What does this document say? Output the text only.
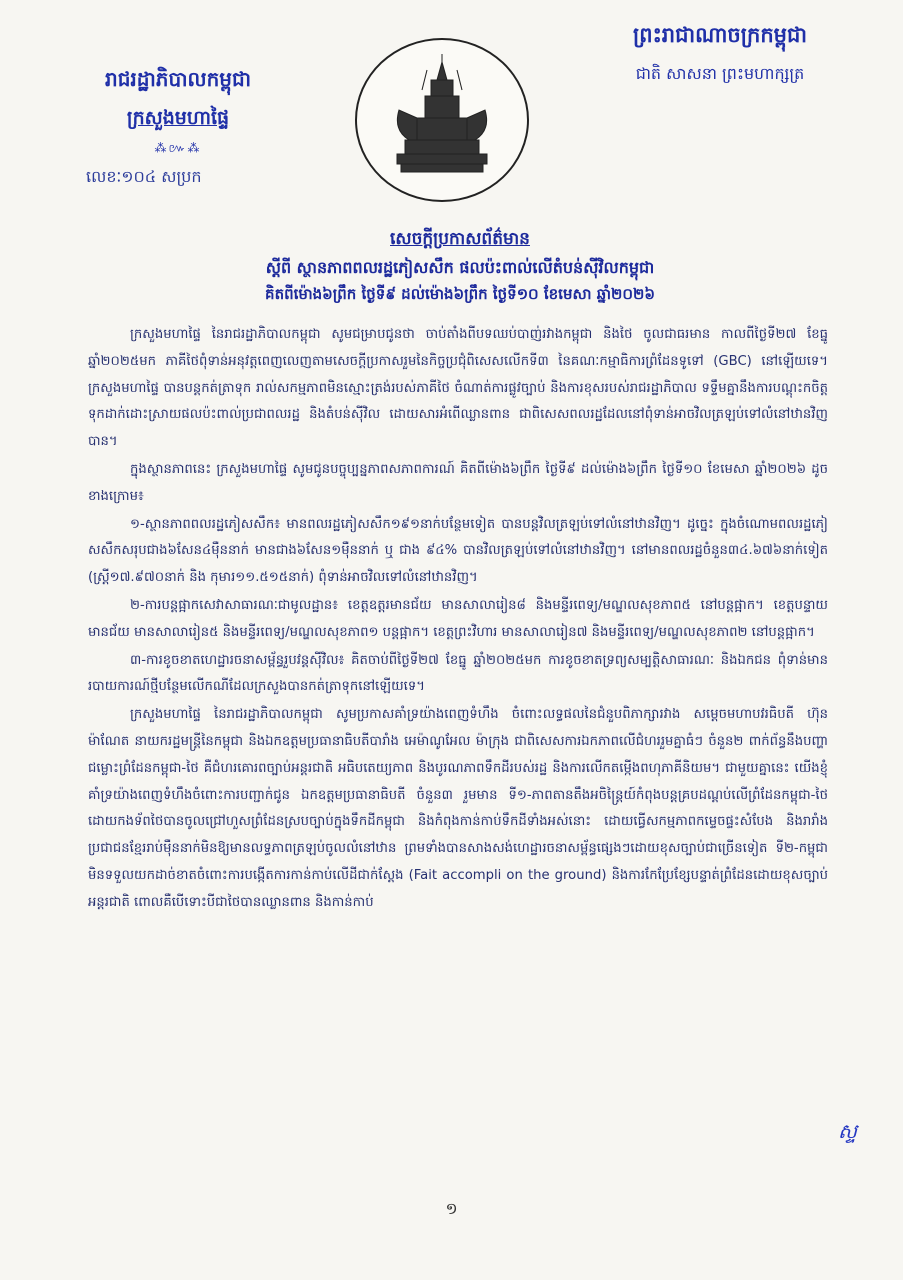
រាជរដ្ឋាភិបាលកម្ពុជា
ក្រសួងមហាផ្ទៃ
⁂៚⁂
លេខៈ១០៤ សប្រក
ព្រះរាជាណាចក្រកម្ពុជា
ជាតិ សាសនា ព្រះមហាក្សត្រ
សេចក្តីប្រកាសព័ត៌មាន
ស្តីពី ស្ថានភាពពលរដ្ឋភៀសសឹក ផលប៉ះពាល់លើតំបន់ស៊ីវិលកម្ពុជា
គិតពីម៉ោង៦ព្រឹក ថ្ងៃទី៩ ដល់ម៉ោង៦ព្រឹក ថ្ងៃទី១០ ខែមេសា ឆ្នាំ២០២៦

ក្រសួងមហាផ្ទៃ នៃរាជរដ្ឋាភិបាលកម្ពុជា សូមជម្រាបជូនថា ចាប់តាំងពីបទឈប់បាញ់រវាងកម្ពុជា និងថៃ ចូលជាធរមាន កាលពីថ្ងៃទី២៧ ខែធ្នូ ឆ្នាំ២០២៥មក ភាគីថៃពុំទាន់អនុវត្តពេញលេញតាមសេចក្តីប្រកាសរួមនៃកិច្ចប្រជុំពិសេសលើកទី៣ នៃគណៈកម្មាធិការព្រំដែនទូទៅ (GBC) នៅឡើយទេ។ ក្រសួងមហាផ្ទៃ បានបន្តកត់ត្រាទុក រាល់សកម្មភាពមិនស្មោះត្រង់របស់ភាគីថៃ ចំណាត់ការផ្លូវច្បាប់ និងការខុសរបស់រាជរដ្ឋាភិបាល ទទ្ទឹមគ្នានឹងការបណ្តុះកចិត្តទុកដាក់ដោះស្រាយផលប៉ះពាល់ប្រជាពលរដ្ឋ និងតំបន់ស៊ីវិល ដោយសារអំពើឈ្លានពាន ជាពិសេសពលរដ្ឋដែលនៅពុំទាន់អាចវិលត្រឡប់ទៅលំនៅឋានវិញបាន។

ក្នុងស្ថានភាពនេះ ក្រសួងមហាផ្ទៃ សូមជូនបច្ចុប្បន្នភាពសភាពការណ៍ គិតពីម៉ោង៦ព្រឹក ថ្ងៃទី៩ ដល់ម៉ោង៦ព្រឹក ថ្ងៃទី១០ ខែមេសា ឆ្នាំ២០២៦ ដូចខាងក្រោម៖

១-ស្ថានភាពពលរដ្ឋភៀសសឹក៖ មានពលរដ្ឋភៀសសឹក១៩១នាក់បន្ថែមទៀត បានបន្តវិលត្រឡប់ទៅលំនៅឋានវិញ។ ដូច្នេះ ក្នុងចំណោមពលរដ្ឋភៀសសឹកសរុបជាង៦សែន៤ម៉ឺននាក់ មានជាង៦សែន១ម៉ឺននាក់ ឬ ជាង ៩៤% បានវិលត្រឡប់ទៅលំនៅឋានវិញ។ នៅមានពលរដ្ឋចំនួន៣៤.៦៧៦នាក់ទៀត (ស្ត្រី១៧.៩៧០នាក់ និង កុមារ១១.៥១៥នាក់) ពុំទាន់អាចវិលទៅលំនៅឋានវិញ។

២-ការបន្តផ្អាកសេវាសាធារណៈជាមូលដ្ឋាន៖ ខេត្តឧត្តរមានជ័យ មានសាលារៀន៨ និងមន្ទីរពេទ្យ/មណ្ឌលសុខភាព៥ នៅបន្តផ្អាក។ ខេត្តបន្ទាយមានជ័យ មានសាលារៀន៥ និងមន្ទីរពេទ្យ/មណ្ឌលសុខភាព១ បន្តផ្អាក។ ខេត្តព្រះវិហារ មានសាលារៀន៧ និងមន្ទីរពេទ្យ/មណ្ឌលសុខភាព២ នៅបន្តផ្អាក។

៣-ការខូចខាតហេដ្ឋារចនាសម្ព័ន្ធរួបវន្តស៊ីវិល៖ គិតចាប់ពីថ្ងៃទី២៧ ខែធ្នូ ឆ្នាំ២០២៥មក ការខូចខាតទ្រព្យសម្បត្តិសាធារណៈ និងឯកជន ពុំទាន់មានរបាយការណ៍ថ្មីបន្ថែមលើកណីដែលក្រសួងបានកត់ត្រាទុកនៅឡើយទេ។

ក្រសួងមហាផ្ទៃ នៃរាជរដ្ឋាភិបាលកម្ពុជា សូមប្រកាសគាំទ្រយ៉ាងពេញទំហឹង ចំពោះលទ្ធផលនៃជំនួបពិភាក្សារវាង សម្តេចមហាបវរធិបតី ហ៊ុន ម៉ាណែត នាយករដ្ឋមន្ត្រីនៃកម្ពុជា និងឯកឧត្តមប្រធានាធិបតីបារាំង អេម៉ាណូអែល ម៉ាក្រុង ជាពិសេសការឯកភាពលើជំហររួមគ្នាធំៗ ចំនួន២ ពាក់ព័ន្ធនឹងបញ្ហាជម្លោះព្រំដែនកម្ពុជា-ថៃ គឺជំហរគោរពច្បាប់អន្តរជាតិ អធិបតេយ្យភាព និងបូរណភាពទឹកដីរបស់រដ្ឋ និងការលើកតម្កើងពហុភាគីនិយម។ ជាមួយគ្នានេះ យើងខ្ញុំគាំទ្រយ៉ាងពេញទំហឹងចំពោះការបញ្ជាក់ជូន ឯកឧត្តមប្រធានាធិបតី ចំនួន៣ រួមមាន ទី១-ភាពតានតឹងអចិន្ត្រៃយ៍កំពុងបន្តគ្របដណ្តប់លើព្រំដែនកម្ពុជា-ថៃ ដោយកងទ័ពថៃបានចូលជ្រៅហួសព្រំដែនស្របច្បាប់ក្នុងទឹកដីកម្ពុជា និងកំពុងកាន់កាប់ទឹកដីទាំងអស់នោះ ដោយធ្វើសកម្មភាពកម្ទេចផ្ទះសំបែង និងរារាំងប្រជាជនខ្មែររាប់ម៉ឺននាក់មិនឱ្យមានលទ្ធភាពត្រឡប់ចូលលំនៅឋាន ព្រមទាំងបានសាងសង់ហេដ្ឋារចនាសម្ព័ន្ធផ្សេងៗដោយខុសច្បាប់ជាច្រើនទៀត ទី២-កម្ពុជាមិនទទួលយកដាច់ខាតចំពោះការបង្កើតការកាន់កាប់លើដីជាក់ស្តែង (Fait accompli on the ground) និងការកែប្រែខ្សែបន្ទាត់ព្រំដែនដោយខុសច្បាប់អន្តរជាតិ ពោលគឺបើទោះបីជាថៃបានឈ្លានពាន និងកាន់កាប់

ស្ទ
១
